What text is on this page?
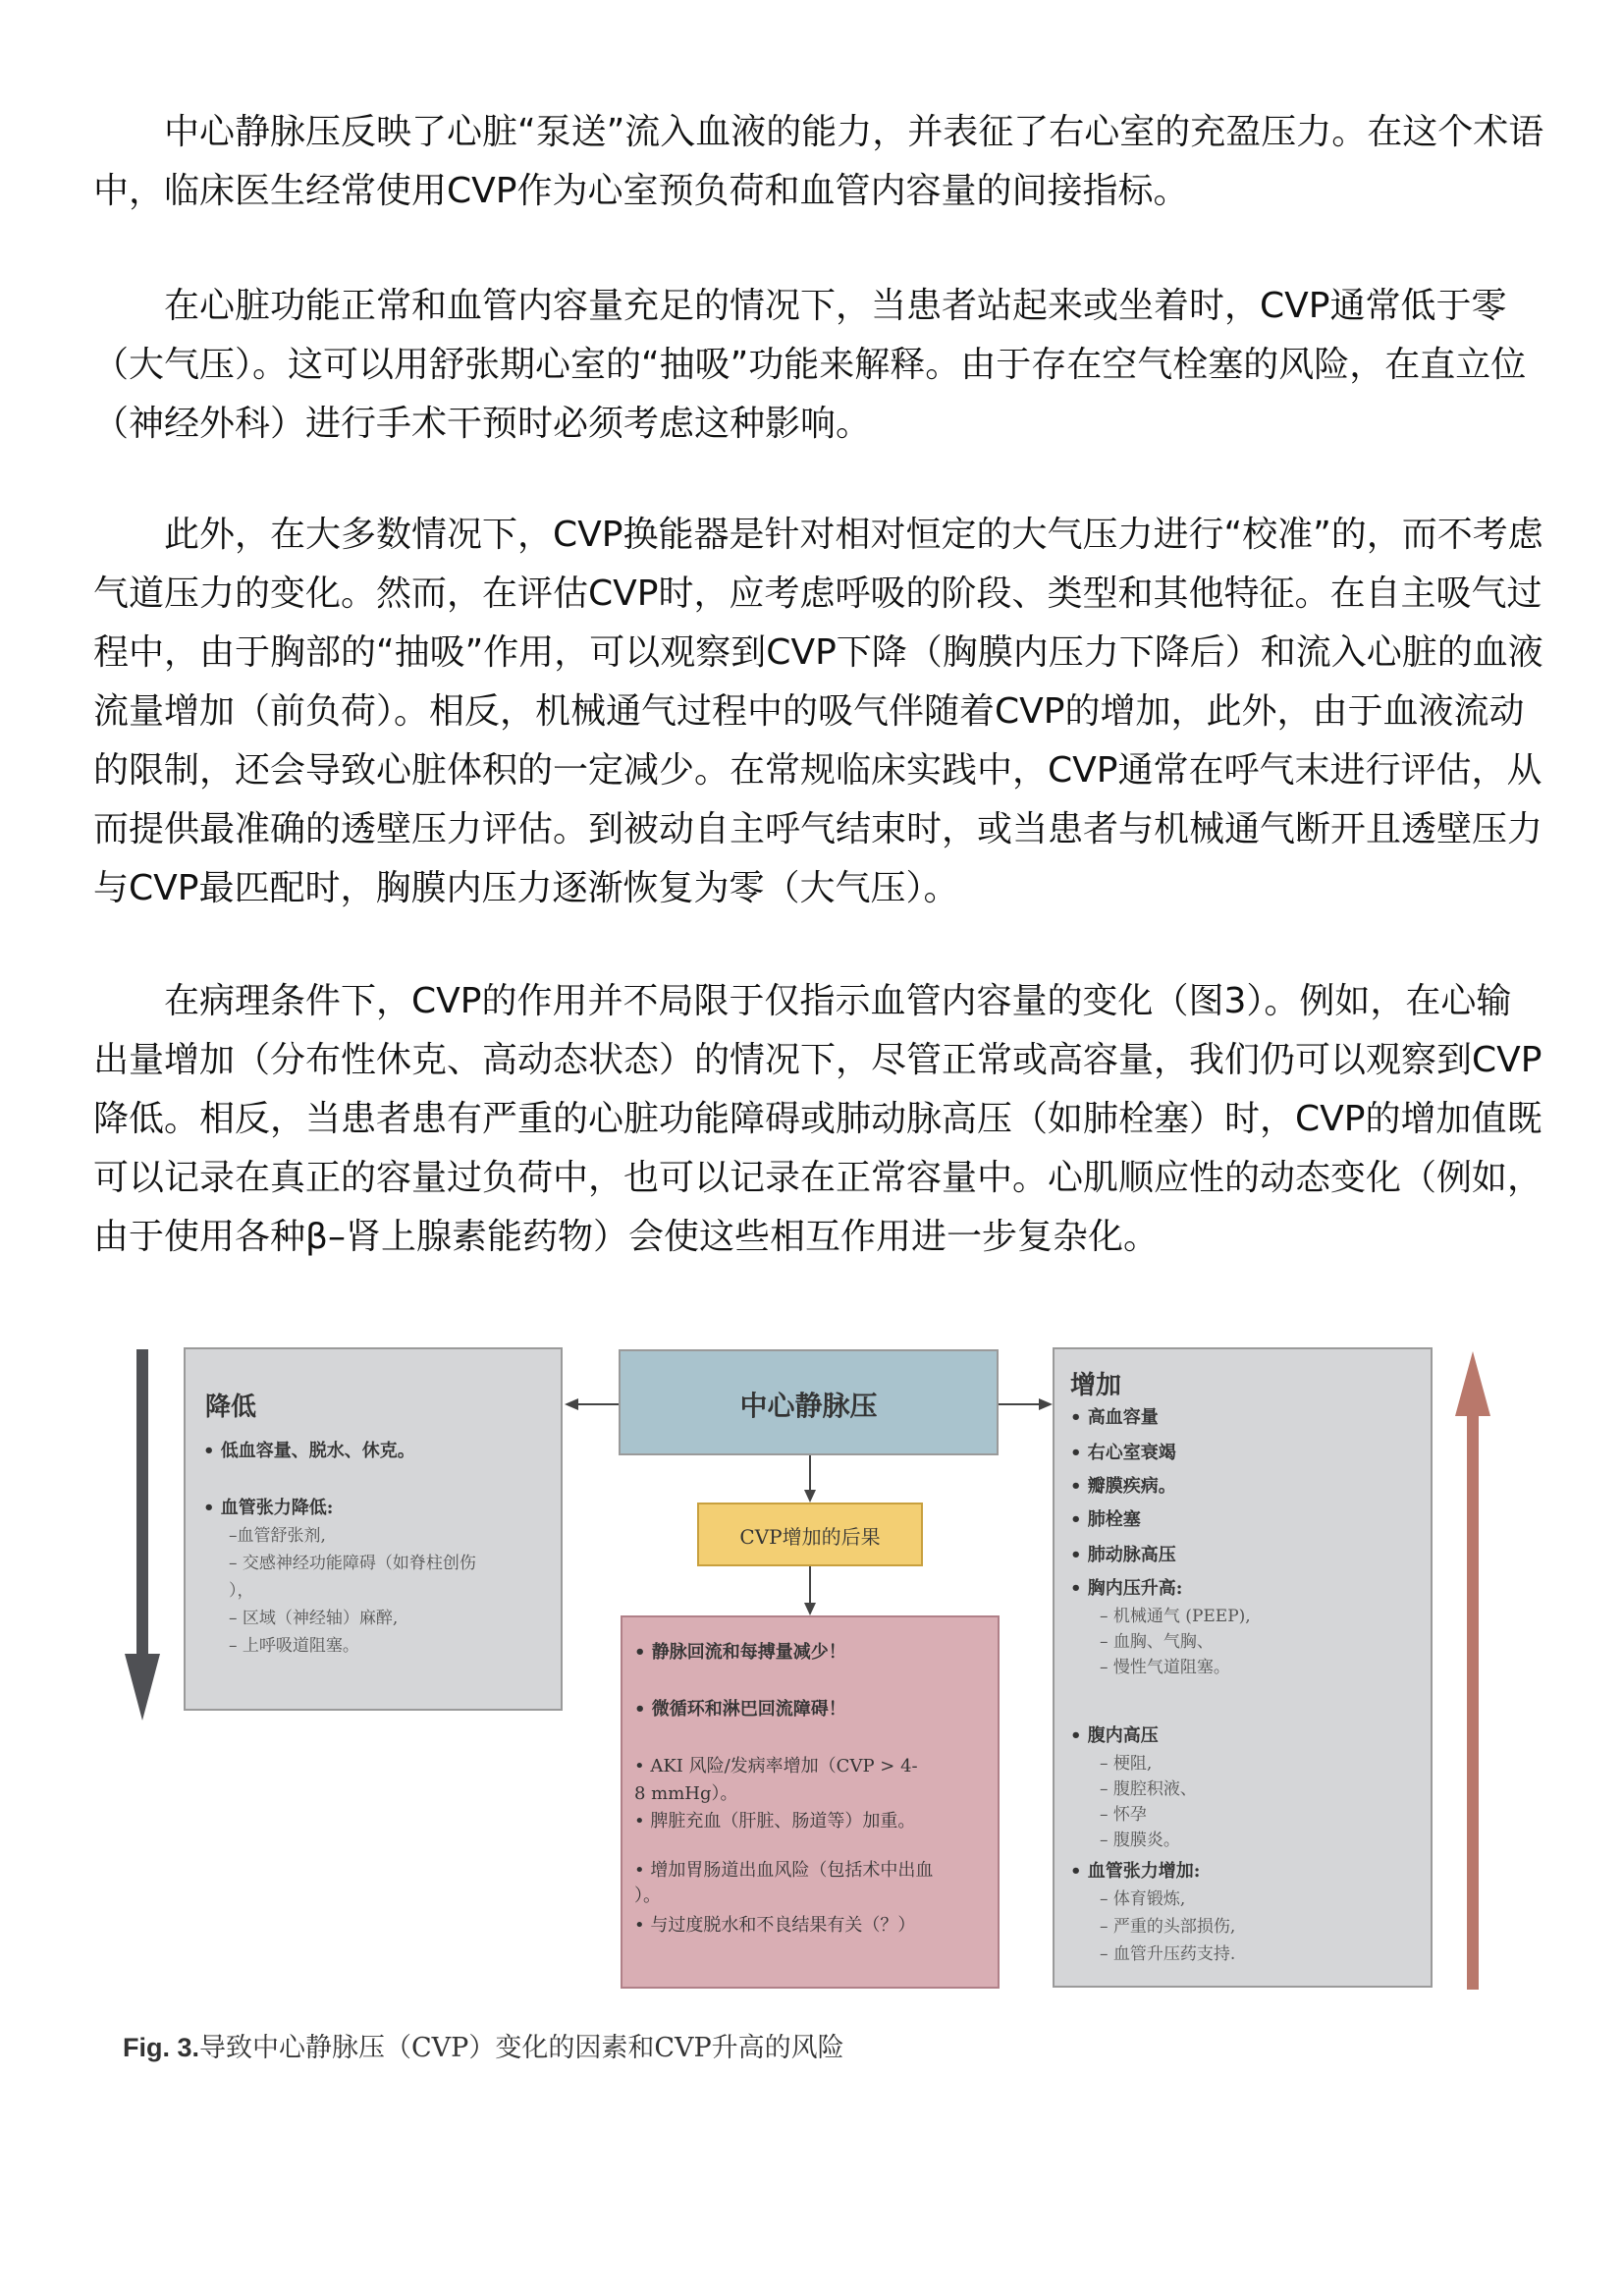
中心静脉压反映了心脏“泵送”流入血液的能力，并表征了右心室的充盈压力。在这个术语中，临床医生经常使用CVP作为心室预负荷和血管内容量的间接指标。

在心脏功能正常和血管内容量充足的情况下，当患者站起来或坐着时，CVP通常低于零（大气压）。这可以用舒张期心室的“抽吸”功能来解释。由于存在空气栓塞的风险，在直立位（神经外科）进行手术干预时必须考虑这种影响。

此外，在大多数情况下，CVP换能器是针对相对恒定的大气压力进行“校准”的，而不考虑气道压力的变化。然而，在评估CVP时，应考虑呼吸的阶段、类型和其他特征。在自主吸气过程中，由于胸部的“抽吸”作用，可以观察到CVP下降（胸膜内压力下降后）和流入心脏的血液流量增加（前负荷）。相反，机械通气过程中的吸气伴随着CVP的增加，此外，由于血液流动的限制，还会导致心脏体积的一定减少。在常规临床实践中，CVP通常在呼气末进行评估，从而提供最准确的透壁压力评估。到被动自主呼气结束时，或当患者与机械通气断开且透壁压力与CVP最匹配时，胸膜内压力逐渐恢复为零（大气压）。

在病理条件下，CVP的作用并不局限于仅指示血管内容量的变化（图3）。例如，在心输出量增加（分布性休克、高动态状态）的情况下，尽管正常或高容量，我们仍可以观察到CVP降低。相反，当患者患有严重的心脏功能障碍或肺动脉高压（如肺栓塞）时，CVP的增加值既可以记录在真正的容量过负荷中，也可以记录在正常容量中。心肌顺应性的动态变化（例如，由于使用各种β–肾上腺素能药物）会使这些相互作用进一步复杂化。

降低
• 低血容量、脱水、休克。
• 血管张力降低:
–血管舒张剂,
– 交感神经功能障碍（如脊柱创伤
），
– 区域（神经轴）麻醉,
– 上呼吸道阻塞。
中心静脉压
CVP增加的后果
• 静脉回流和每搏量减少！
• 微循环和淋巴回流障碍！
• AKI 风险/发病率增加（CVP > 4-
8 mmHg）。
• 脾脏充血（肝脏、肠道等）加重。
• 增加胃肠道出血风险（包括术中出血
）。
• 与过度脱水和不良结果有关（？）
增加
• 高血容量
• 右心室衰竭
• 瓣膜疾病。
• 肺栓塞
• 肺动脉高压
• 胸内压升高:
– 机械通气 (PEEP),
– 血胸、气胸、
– 慢性气道阻塞。
• 腹内高压
– 梗阻,
– 腹腔积液、
– 怀孕
– 腹膜炎。
• 血管张力增加:
– 体育锻炼,
– 严重的头部损伤,
– 血管升压药支持.
Fig. 3.导致中心静脉压（CVP）变化的因素和CVP升高的风险
